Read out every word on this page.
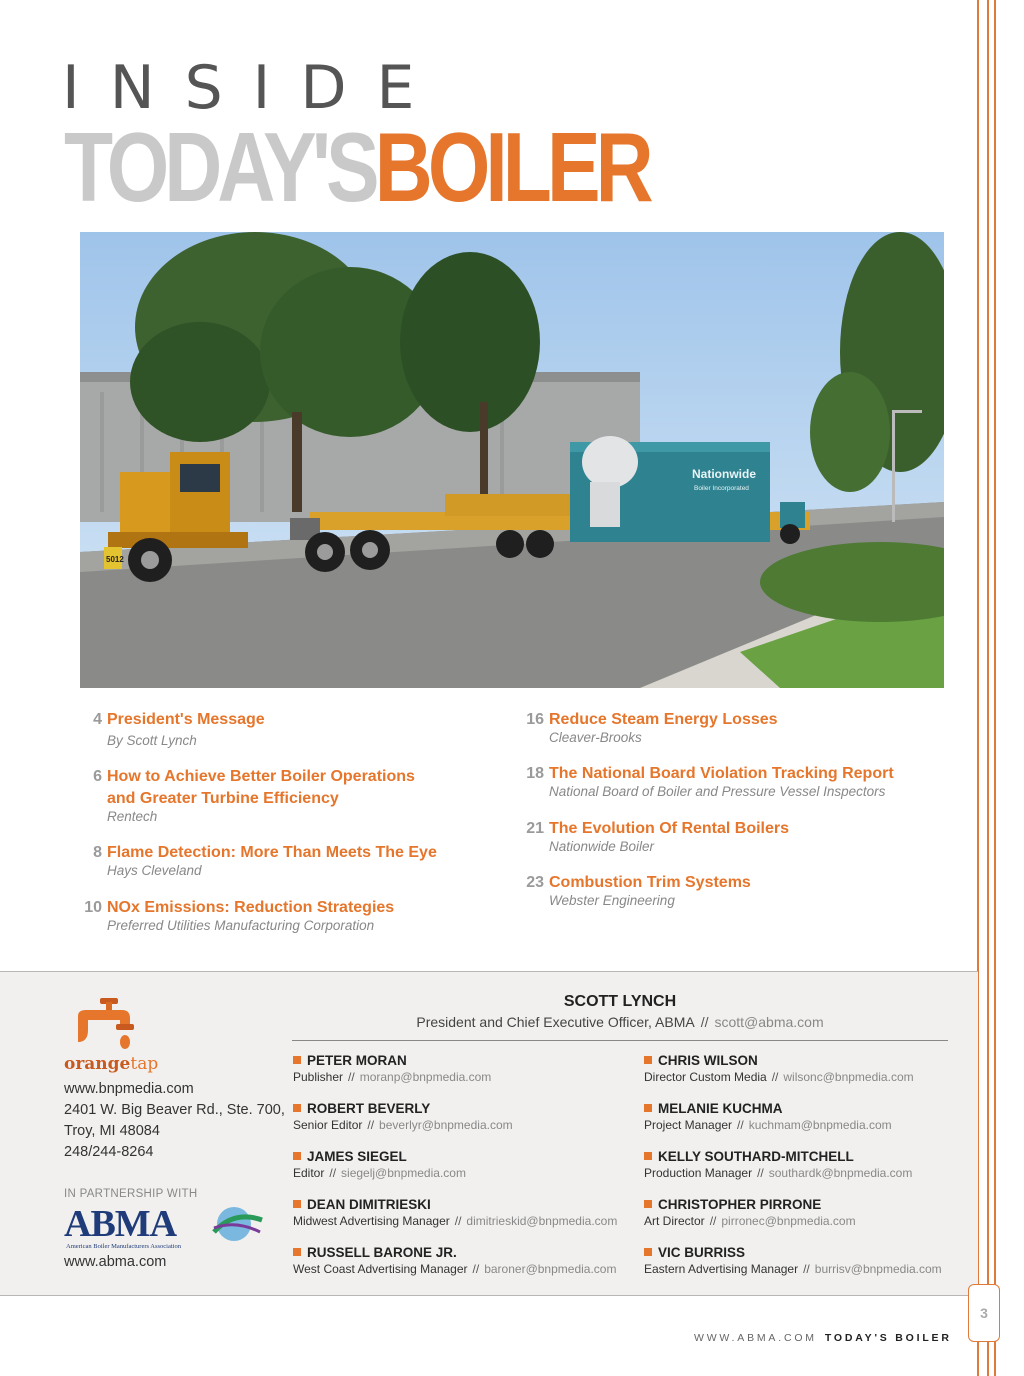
INSIDE
TODAY'SBOILER
Nationwide
Boiler Incorporated
5012
4 President's Message
By Scott Lynch
6 How to Achieve Better Boiler Operations
and Greater Turbine Efficiency
Rentech
8 Flame Detection: More Than Meets The Eye
Hays Cleveland
10 NOx Emissions: Reduction Strategies
Preferred Utilities Manufacturing Corporation
16 Reduce Steam Energy Losses
Cleaver-Brooks
18 The National Board Violation Tracking Report
National Board of Boiler and Pressure Vessel Inspectors
21 The Evolution Of Rental Boilers
Nationwide Boiler
23 Combustion Trim Systems
Webster Engineering
orangetap
www.bnpmedia.com
2401 W. Big Beaver Rd., Ste. 700,
Troy, MI 48084
248/244-8264
IN PARTNERSHIP WITH
ABMA
American Boiler Manufacturers Association
www.abma.com
SCOTT LYNCH
President and Chief Executive Officer, ABMA // scott@abma.com
PETER MORAN
Publisher // moranp@bnpmedia.com
ROBERT BEVERLY
Senior Editor // beverlyr@bnpmedia.com
JAMES SIEGEL
Editor // siegelj@bnpmedia.com
DEAN DIMITRIESKI
Midwest Advertising Manager // dimitrieskid@bnpmedia.com
RUSSELL BARONE JR.
West Coast Advertising Manager // baroner@bnpmedia.com
CHRIS WILSON
Director Custom Media // wilsonc@bnpmedia.com
MELANIE KUCHMA
Project Manager // kuchmam@bnpmedia.com
KELLY SOUTHARD-MITCHELL
Production Manager // southardk@bnpmedia.com
CHRISTOPHER PIRRONE
Art Director // pirronec@bnpmedia.com
VIC BURRISS
Eastern Advertising Manager // burrisv@bnpmedia.com
3
WWW.ABMA.COM TODAY'S BOILER
